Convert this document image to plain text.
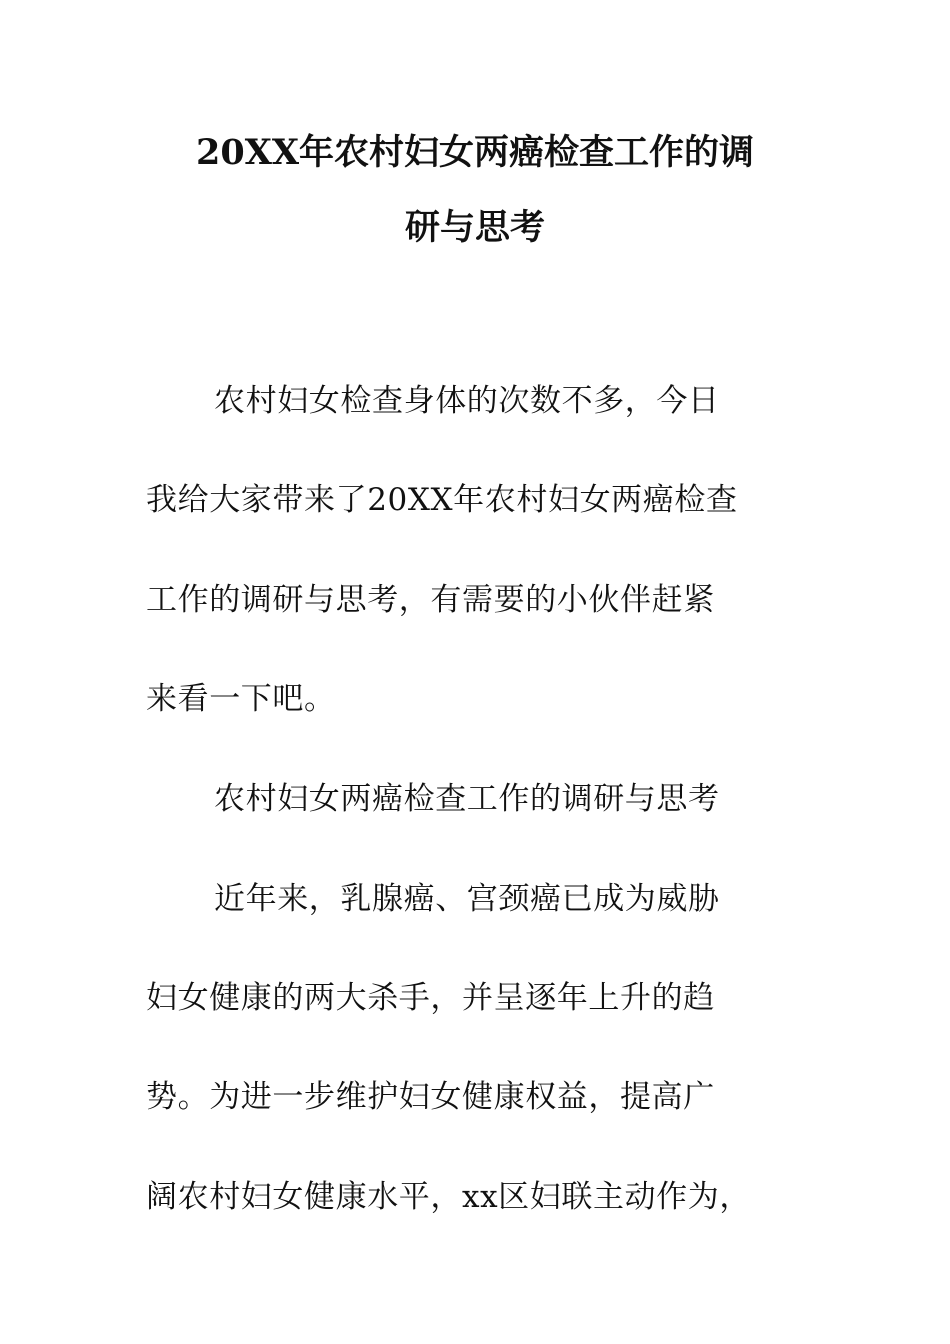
20XX年农村妇女两癌检查工作的调
研与思考
农村妇女检查身体的次数不多，今日
我给大家带来了20XX年农村妇女两癌检查
工作的调研与思考，有需要的小伙伴赶紧
来看一下吧。
农村妇女两癌检查工作的调研与思考
近年来，乳腺癌、宫颈癌已成为威胁
妇女健康的两大杀手，并呈逐年上升的趋
势。为进一步维护妇女健康权益，提高广
阔农村妇女健康水平，xx区妇联主动作为，
